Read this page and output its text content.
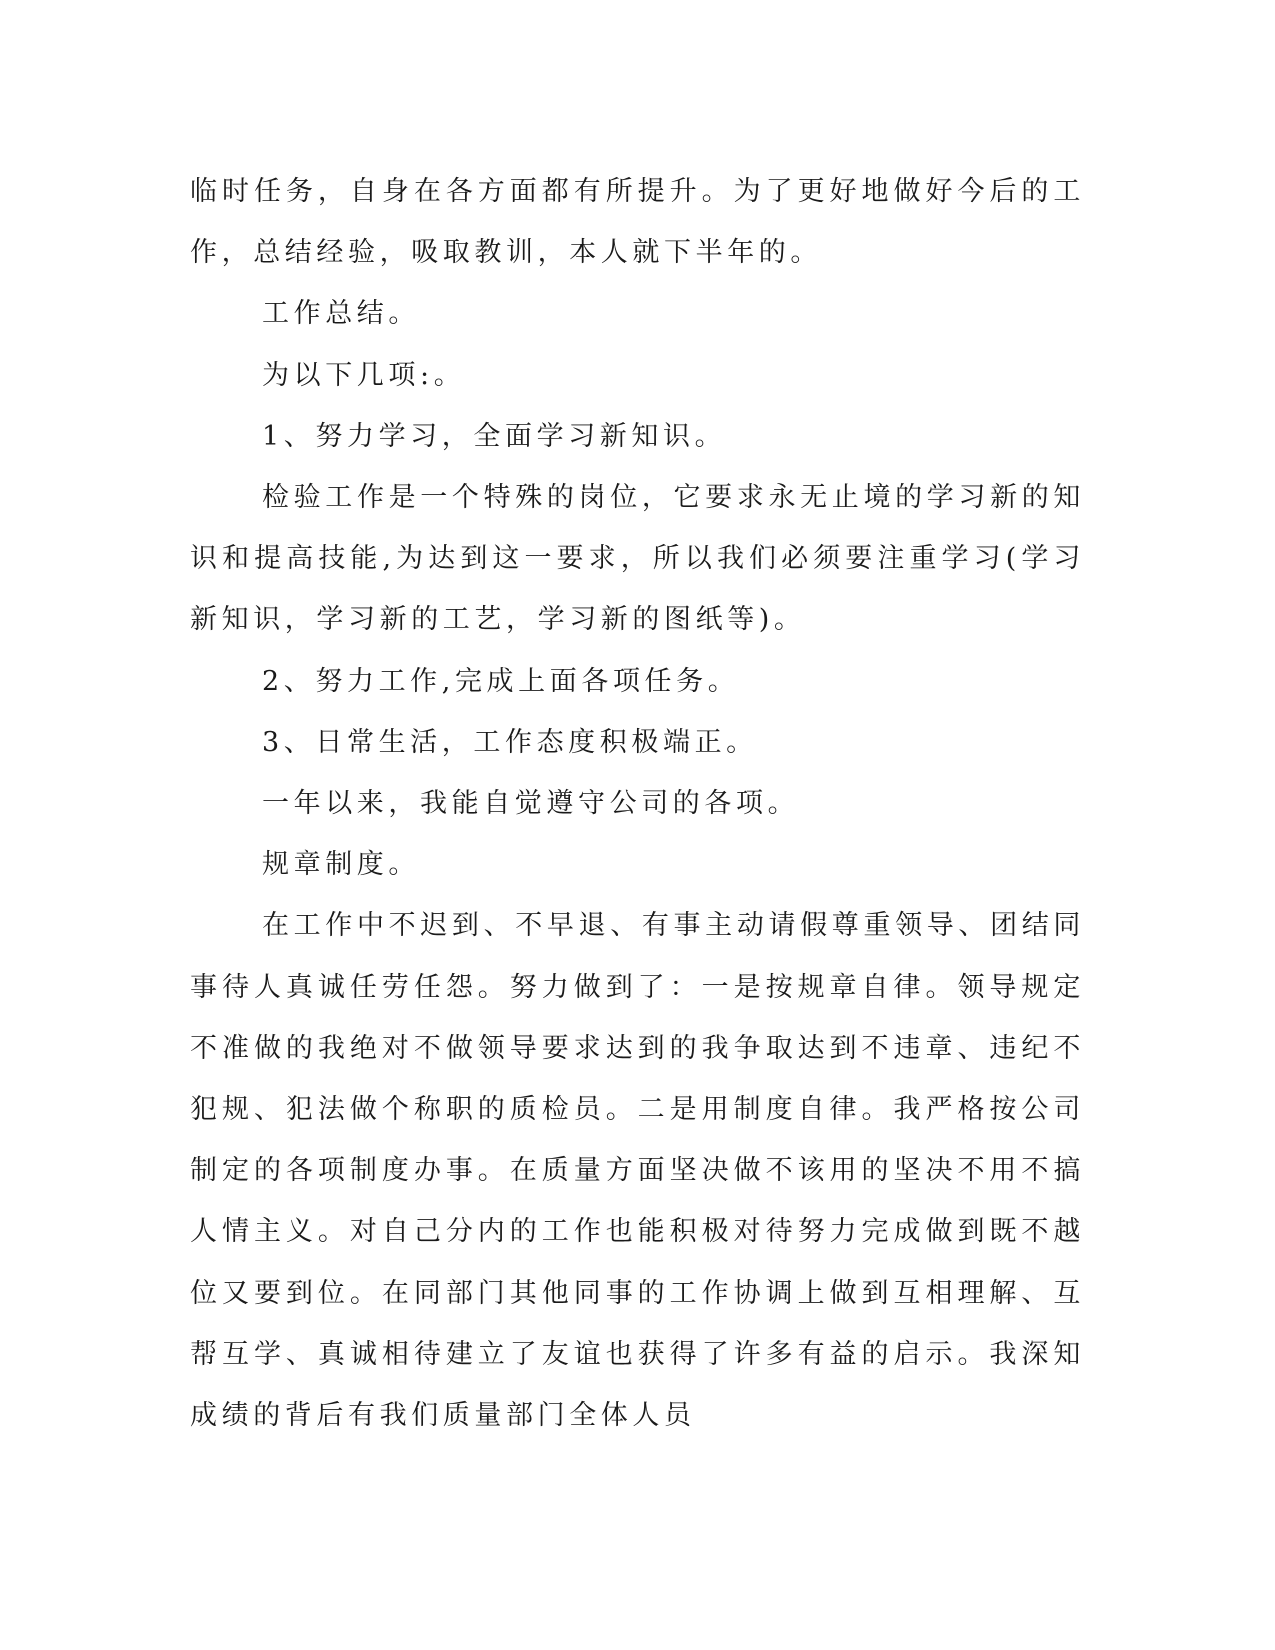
临时任务，自身在各方面都有所提升。为了更好地做好今后的工作，总结经验，吸取教训，本人就下半年的。

工作总结。

为以下几项:。

1、努力学习，全面学习新知识。

检验工作是一个特殊的岗位，它要求永无止境的学习新的知识和提高技能,为达到这一要求，所以我们必须要注重学习(学习新知识，学习新的工艺，学习新的图纸等)。

2、努力工作,完成上面各项任务。

3、日常生活，工作态度积极端正。

一年以来，我能自觉遵守公司的各项。

规章制度。

在工作中不迟到、不早退、有事主动请假尊重领导、团结同事待人真诚任劳任怨。努力做到了：一是按规章自律。领导规定不准做的我绝对不做领导要求达到的我争取达到不违章、违纪不犯规、犯法做个称职的质检员。二是用制度自律。我严格按公司制定的各项制度办事。在质量方面坚决做不该用的坚决不用不搞人情主义。对自己分内的工作也能积极对待努力完成做到既不越位又要到位。在同部门其他同事的工作协调上做到互相理解、互帮互学、真诚相待建立了友谊也获得了许多有益的启示。我深知成绩的背后有我们质量部门全体人员
